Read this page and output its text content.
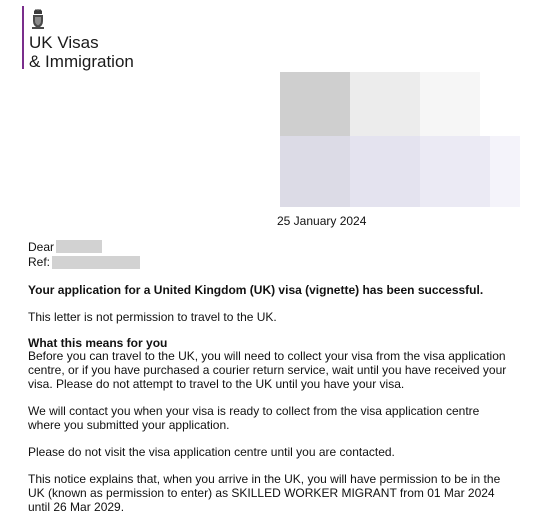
UK Visas
& Immigration
25 January 2024
Dear
Ref:
Your application for a United Kingdom (UK) visa (vignette) has been successful.
This letter is not permission to travel to the UK.
What this means for you
Before you can travel to the UK, you will need to collect your visa from the visa application
centre, or if you have purchased a courier return service, wait until you have received your
visa. Please do not attempt to travel to the UK until you have your visa.
We will contact you when your visa is ready to collect from the visa application centre
where you submitted your application.
Please do not visit the visa application centre until you are contacted.
This notice explains that, when you arrive in the UK, you will have permission to be in the
UK (known as permission to enter) as SKILLED WORKER MIGRANT from 01 Mar 2024
until 26 Mar 2029.
